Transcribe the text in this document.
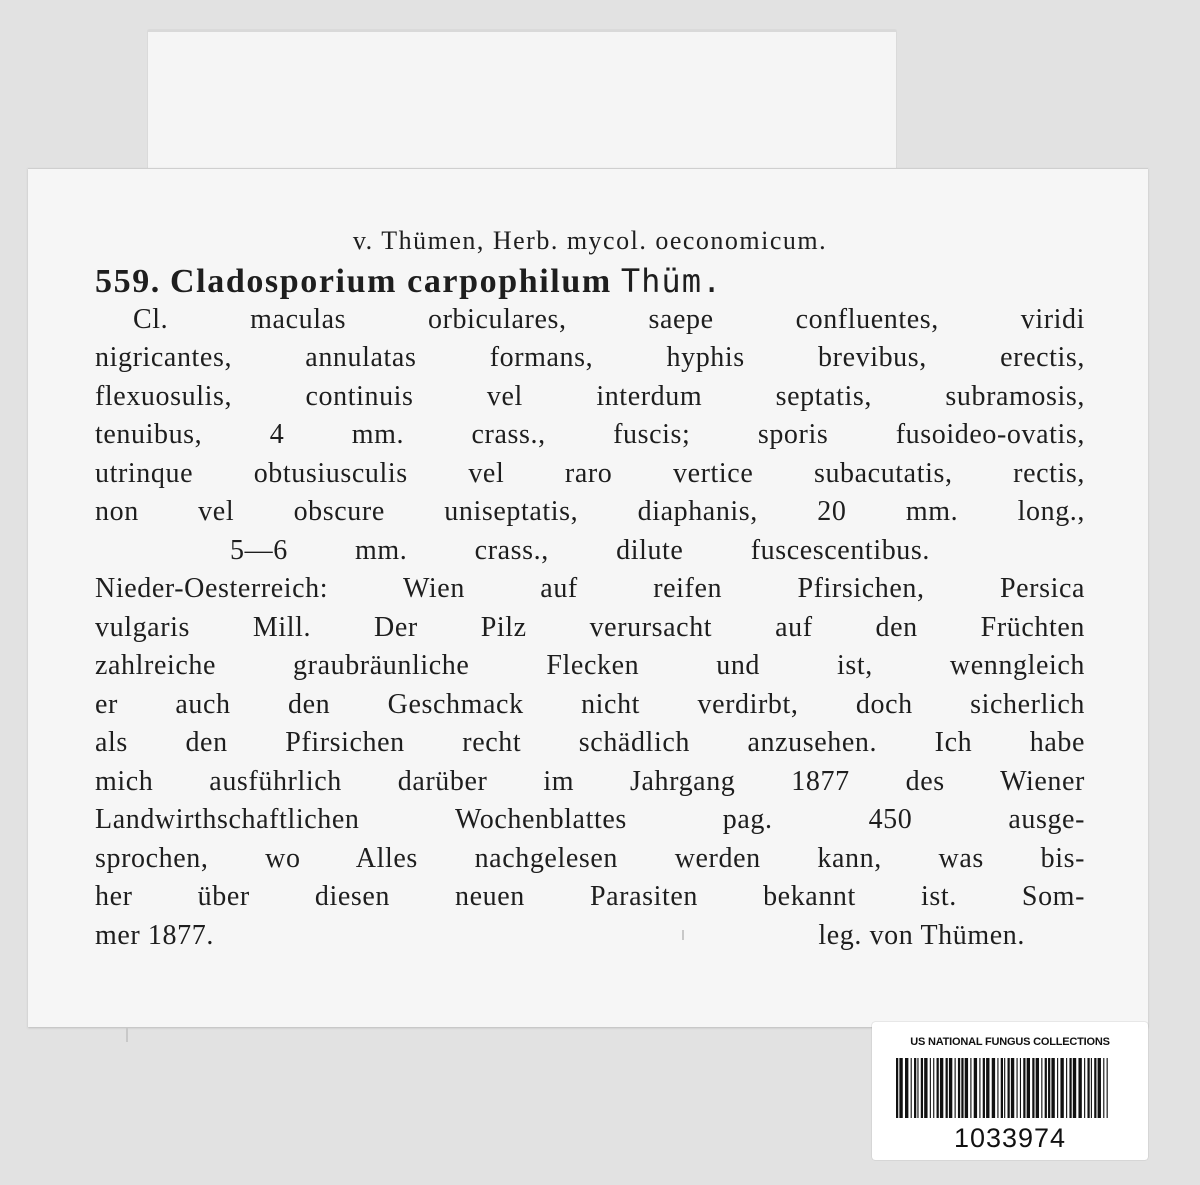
v. Thümen, Herb. mycol. oeconomicum.
559. Cladosporium carpophilum Thüm.
Cl. maculas orbiculares, saepe confluentes, viridi
nigricantes, annulatas formans, hyphis brevibus, erectis,
flexuosulis, continuis vel interdum septatis, subramosis,
tenuibus, 4 mm. crass., fuscis; sporis fusoideo-ovatis,
utrinque obtusiusculis vel raro vertice subacutatis, rectis,
non vel obscure uniseptatis, diaphanis, 20 mm. long.,
5—6 mm. crass., dilute fuscescentibus.
Nieder-Oesterreich: Wien auf reifen Pfirsichen, Persica
vulgaris Mill. Der Pilz verursacht auf den Früchten
zahlreiche graubräunliche Flecken und ist, wenngleich
er auch den Geschmack nicht verdirbt, doch sicherlich
als den Pfirsichen recht schädlich anzusehen. Ich habe
mich ausführlich darüber im Jahrgang 1877 des Wiener
Landwirthschaftlichen Wochenblattes pag. 450 ausge-
sprochen, wo Alles nachgelesen werden kann, was bis-
her über diesen neuen Parasiten bekannt ist. Som-
mer 1877.	leg. von Thümen.
US NATIONAL FUNGUS COLLECTIONS
1033974
